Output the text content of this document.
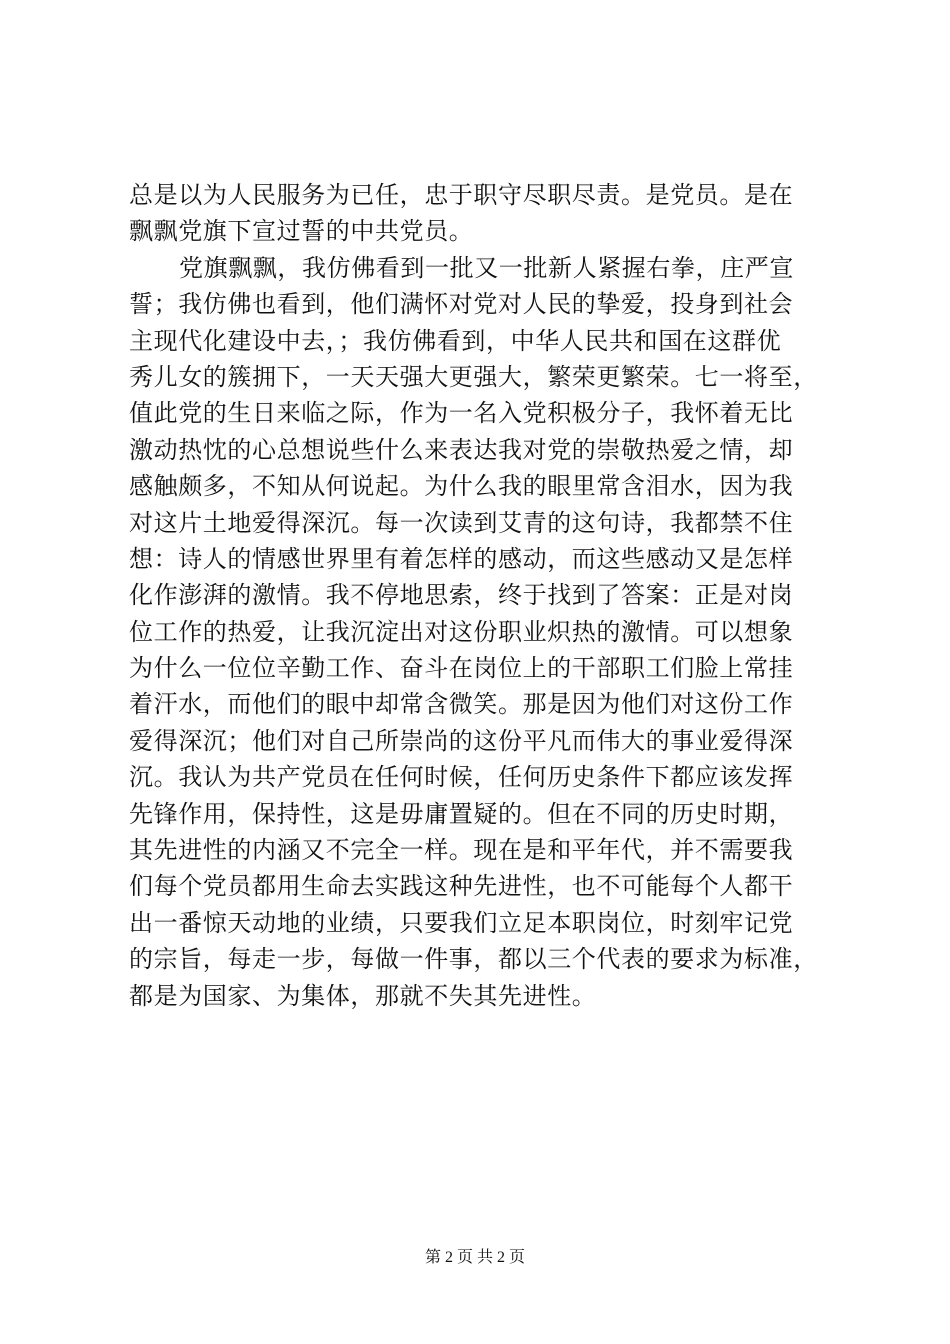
总是以为人民服务为已任，忠于职守尽职尽责。是党员。是在
飘飘党旗下宣过誓的中共党员。
党旗飘飘，我仿佛看到一批又一批新人紧握右拳，庄严宣
誓；我仿佛也看到，他们满怀对党对人民的挚爱，投身到社会
主现代化建设中去，；我仿佛看到，中华人民共和国在这群优
秀儿女的簇拥下，一天天强大更强大，繁荣更繁荣。七一将至，
值此党的生日来临之际，作为一名入党积极分子，我怀着无比
激动热忱的心总想说些什么来表达我对党的崇敬热爱之情，却
感触颇多，不知从何说起。为什么我的眼里常含泪水，因为我
对这片土地爱得深沉。每一次读到艾青的这句诗，我都禁不住
想：诗人的情感世界里有着怎样的感动，而这些感动又是怎样
化作澎湃的激情。我不停地思索，终于找到了答案：正是对岗
位工作的热爱，让我沉淀出对这份职业炽热的激情。可以想象
为什么一位位辛勤工作、奋斗在岗位上的干部职工们脸上常挂
着汗水，而他们的眼中却常含微笑。那是因为他们对这份工作
爱得深沉；他们对自己所崇尚的这份平凡而伟大的事业爱得深
沉。我认为共产党员在任何时候，任何历史条件下都应该发挥
先锋作用，保持性，这是毋庸置疑的。但在不同的历史时期，
其先进性的内涵又不完全一样。现在是和平年代，并不需要我
们每个党员都用生命去实践这种先进性，也不可能每个人都干
出一番惊天动地的业绩，只要我们立足本职岗位，时刻牢记党
的宗旨，每走一步，每做一件事，都以三个代表的要求为标准，
都是为国家、为集体，那就不失其先进性。
第 2 页 共 2 页
